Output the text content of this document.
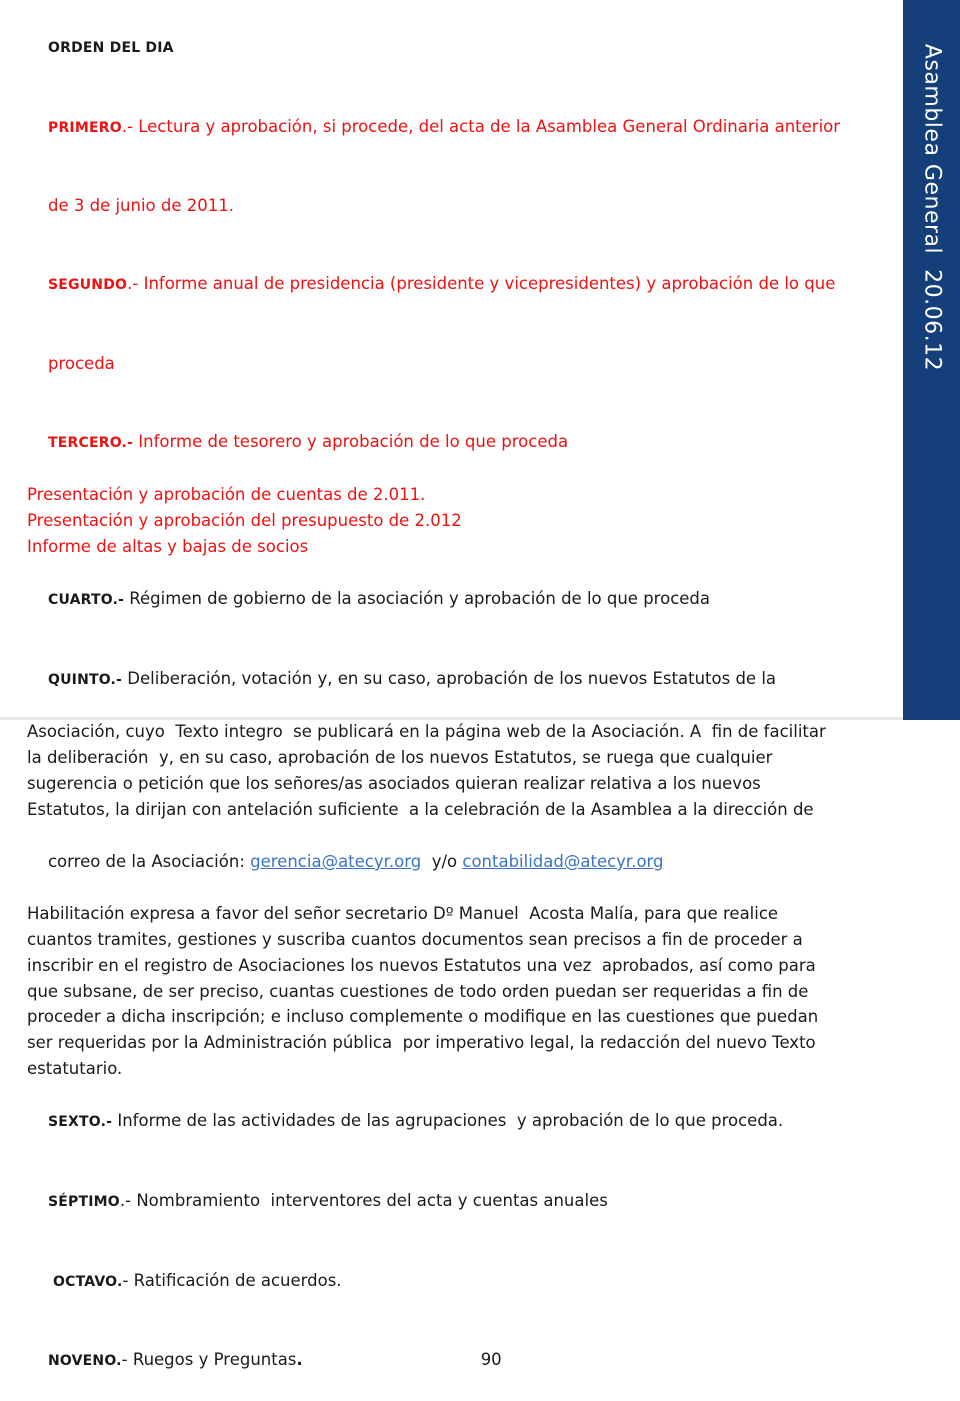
ORDEN DEL DIA

PRIMERO.- Lectura y aprobación, si procede, del acta de la Asamblea General Ordinaria anterior

de 3 de junio de 2011.

SEGUNDO.- Informe anual de presidencia (presidente y vicepresidentes) y aprobación de lo que

proceda

TERCERO.- Informe de tesorero y aprobación de lo que proceda

Presentación y aprobación de cuentas de 2.011.
Presentación y aprobación del presupuesto de 2.012
Informe de altas y bajas de socios

CUARTO.- Régimen de gobierno de la asociación y aprobación de lo que proceda

QUINTO.- Deliberación, votación y, en su caso, aprobación de los nuevos Estatutos de la

Asociación, cuyo  Texto integro  se publicará en la página web de la Asociación. A  fin de facilitar
la deliberación  y, en su caso, aprobación de los nuevos Estatutos, se ruega que cualquier
sugerencia o petición que los señores/as asociados quieran realizar relativa a los nuevos
Estatutos, la dirijan con antelación suficiente  a la celebración de la Asamblea a la dirección de

correo de la Asociación: gerencia@atecyr.org  y/o contabilidad@atecyr.org

Habilitación expresa a favor del señor secretario Dº Manuel  Acosta Malía, para que realice
cuantos tramites, gestiones y suscriba cuantos documentos sean precisos a fin de proceder a
inscribir en el registro de Asociaciones los nuevos Estatutos una vez  aprobados, así como para
que subsane, de ser preciso, cuantas cuestiones de todo orden puedan ser requeridas a fin de
proceder a dicha inscripción; e incluso complemente o modifique en las cuestiones que puedan
ser requeridas por la Administración pública  por imperativo legal, la redacción del nuevo Texto
estatutario.

SEXTO.- Informe de las actividades de las agrupaciones  y aprobación de lo que proceda.

SÉPTIMO.- Nombramiento  interventores del acta y cuentas anuales

OCTAVO.- Ratificación de acuerdos.

NOVENO.- Ruegos y Preguntas.	90

Asamblea General  20.06.12
